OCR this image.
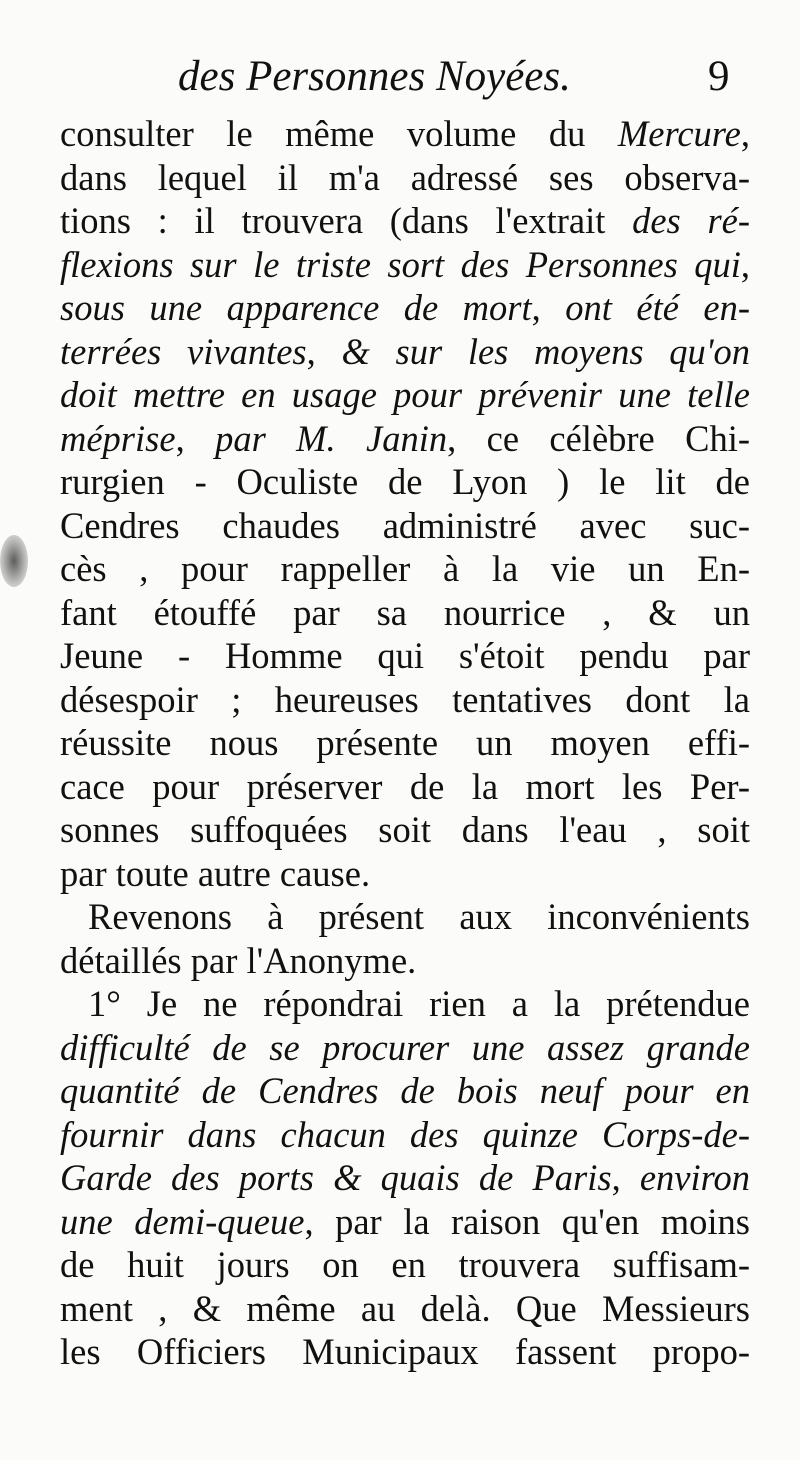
des Personnes Noyées.	9
consulter le même volume du Mercure,
dans lequel il m'a adressé ses observa-
tions : il trouvera (dans l'extrait des ré-
flexions sur le triste sort des Personnes qui,
sous une apparence de mort, ont été en-
terrées vivantes, & sur les moyens qu'on
doit mettre en usage pour prévenir une telle
méprise, par M. Janin, ce célèbre Chi-
rurgien - Oculiste de Lyon ) le lit de
Cendres chaudes administré avec suc-
cès , pour rappeller à la vie un En-
fant étouffé par sa nourrice , & un
Jeune - Homme qui s'étoit pendu par
désespoir ; heureuses tentatives dont la
réussite nous présente un moyen effi-
cace pour préserver de la mort les Per-
sonnes suffoquées soit dans l'eau , soit
par toute autre cause.
Revenons à présent aux inconvénients
détaillés par l'Anonyme.
1° Je ne répondrai rien a la prétendue
difficulté de se procurer une assez grande
quantité de Cendres de bois neuf pour en
fournir dans chacun des quinze Corps-de-
Garde des ports & quais de Paris, environ
une demi-queue, par la raison qu'en moins
de huit jours on en trouvera suffisam-
ment , & même au delà. Que Messieurs
les Officiers Municipaux fassent propo-
